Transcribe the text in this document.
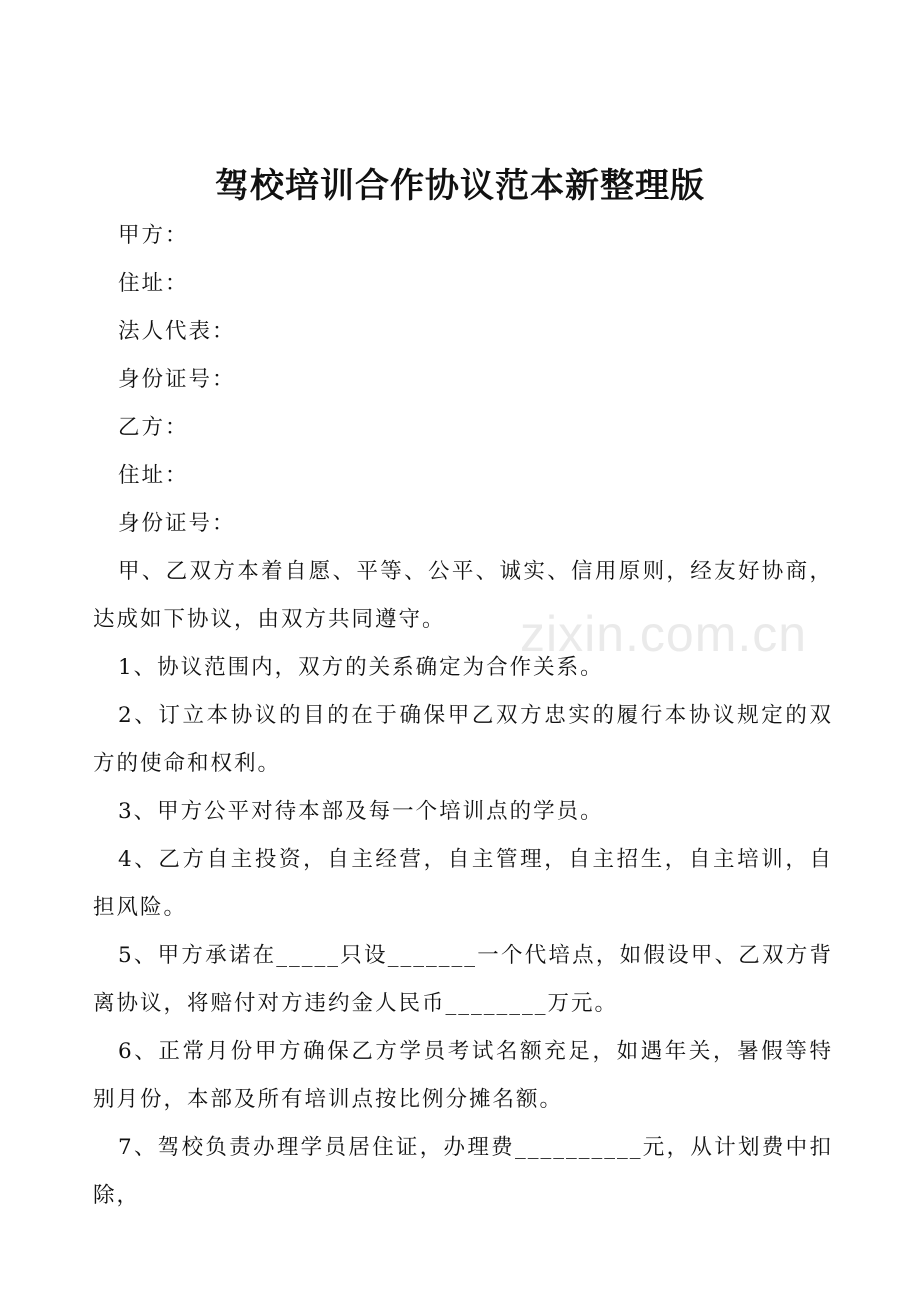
驾校培训合作协议范本新整理版
甲方：
住址：
法人代表：
身份证号：
乙方：
住址：
身份证号：
甲、乙双方本着自愿、平等、公平、诚实、信用原则，经友好协商，达成如下协议，由双方共同遵守。
1、协议范围内，双方的关系确定为合作关系。
2、订立本协议的目的在于确保甲乙双方忠实的履行本协议规定的双方的使命和权利。
3、甲方公平对待本部及每一个培训点的学员。
4、乙方自主投资，自主经营，自主管理，自主招生，自主培训，自担风险。
5、甲方承诺在_____只设_______一个代培点，如假设甲、乙双方背离协议，将赔付对方违约金人民币________万元。
6、正常月份甲方确保乙方学员考试名额充足，如遇年关，暑假等特别月份，本部及所有培训点按比例分摊名额。
7、驾校负责办理学员居住证，办理费__________元，从计划费中扣除，
zixin.com.cn
